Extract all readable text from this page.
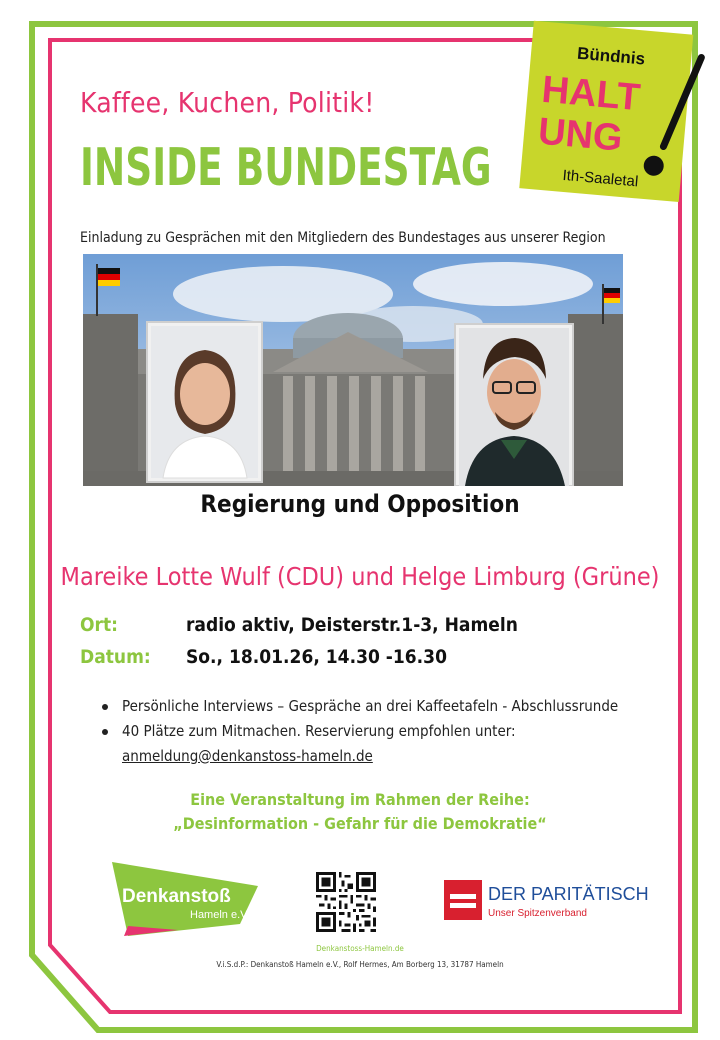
Bündnis
HALT
UNG
Ith-Saaletal
Kaffee, Kuchen, Politik!
INSIDE BUNDESTAG
Einladung zu Gesprächen mit den Mitgliedern des Bundestages aus unserer Region
Regierung und Opposition
Mareike Lotte Wulf (CDU) und Helge Limburg (Grüne)
Ort:	radio aktiv, Deisterstr.1-3, Hameln
Datum: So., 18.01.26, 14.30 -16.30
Persönliche Interviews – Gespräche an drei Kaffeetafeln - Abschlussrunde
40 Plätze zum Mitmachen. Reservierung empfohlen unter:
anmeldung@denkanstoss-hameln.de
Eine Veranstaltung im Rahmen der Reihe:
„Desinformation - Gefahr für die Demokratie“
Denkanstoß
Hameln e.V.
DER PARITÄTISCHE
Unser Spitzenverband
Denkanstoss-Hameln.de
V.i.S.d.P.: Denkanstoß Hameln e.V., Rolf Hermes, Am Borberg 13, 31787 Hameln
